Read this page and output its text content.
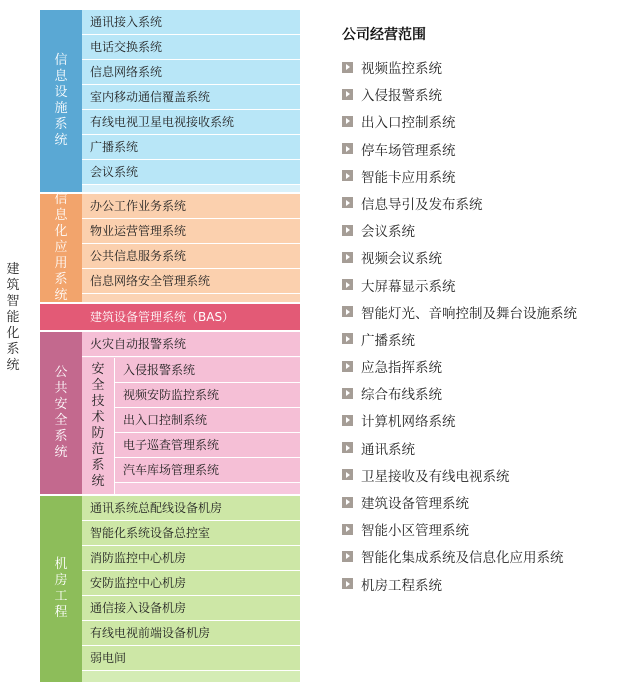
建筑智能化系统
信息设施系统
通讯接入系统
电话交换系统
信息网络系统
室内移动通信覆盖系统
有线电视卫星电视接收系统
广播系统
会议系统
信息化应用系统
办公工作业务系统
物业运营管理系统
公共信息服务系统
信息网络安全管理系统
建筑设备管理系统（BAS）
公共安全系统
火灾自动报警系统
安全技术防范系统
入侵报警系统
视频安防监控系统
出入口控制系统
电子巡查管理系统
汽车库场管理系统
机房工程
通讯系统总配线设备机房
智能化系统设备总控室
消防监控中心机房
安防监控中心机房
通信接入设备机房
有线电视前端设备机房
弱电间
公司经营范围
视频监控系统
入侵报警系统
出入口控制系统
停车场管理系统
智能卡应用系统
信息导引及发布系统
会议系统
视频会议系统
大屏幕显示系统
智能灯光、音响控制及舞台设施系统
广播系统
应急指挥系统
综合布线系统
计算机网络系统
通讯系统
卫星接收及有线电视系统
建筑设备管理系统
智能小区管理系统
智能化集成系统及信息化应用系统
机房工程系统
